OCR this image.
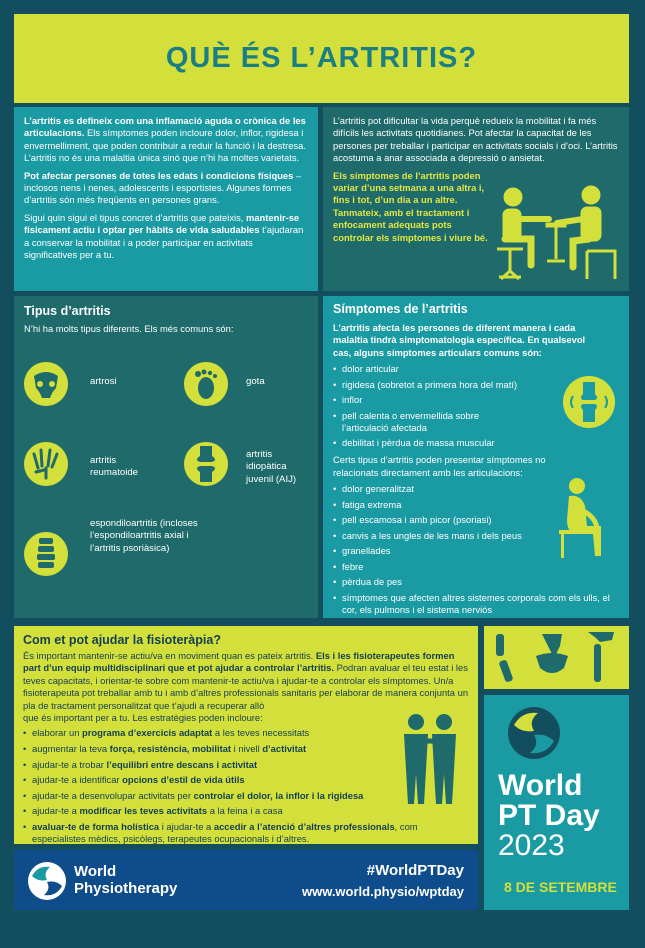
QUÈ ÉS L’ARTRITIS?

L’artritis es defineix com una inflamació aguda o crònica de les articulacions. Els símptomes poden incloure dolor, inflor, rigidesa i envermelliment, que poden contribuir a reduir la funció i la destresa. L’artritis no és una malaltia única sinó que n’hi ha moltes varietats.

Pot afectar persones de totes les edats i condicions físiques – inclosos nens i nenes, adolescents i esportistes. Algunes formes d’artritis són més freqüents en persones grans.

Sigui quin sigui el tipus concret d’artritis que pateixis, mantenir-se físicament actiu i optar per hàbits de vida saludables t’ajudaran a conservar la mobilitat i a poder participar en activitats significatives per a tu.

L’artritis pot dificultar la vida perquè redueix la mobilitat i fa més difícils les activitats quotidianes. Pot afectar la capacitat de les persones per treballar i participar en activitats socials i d’oci. L’artritis acostuma a anar associada a depressió o ansietat.

Els símptomes de l’artritis poden variar d’una setmana a una altra i, fins i tot, d’un dia a un altre. Tanmateix, amb el tractament i enfocament adequats pots controlar els símptomes i viure bé.

Tipus d’artritis
N’hi ha molts tipus diferents. Els més comuns són:
artrosi	gota
artritis reumatoide
artritis idiopàtica juvenil (AIJ)
espondiloartritis (incloses l’espondiloartritis axial i l’artritis psoriàsica)
Símptomes de l’artritis
L’artritis afecta les persones de diferent manera i cada malaltia tindrà simptomatologia específica. En qualsevol cas, alguns símptomes articulars comuns són:
• dolor articular
• rigidesa (sobretot a primera hora del matí)
• inflor
• pell calenta o envermellida sobre l’articulació afectada
• debilitat i pèrdua de massa muscular
Certs tipus d’artritis poden presentar símptomes no relacionats directament amb les articulacions:
• dolor generalitzat
• fatiga extrema
• pell escamosa i amb picor (psoriasi)
• canvis a les ungles de les mans i dels peus
• granellades
• febre
• pèrdua de pes
• símptomes que afecten altres sistemes corporals com els ulls, el cor, els pulmons i el sistema nerviós
Com et pot ajudar la fisioteràpia?
És important mantenir-se actiu/va en moviment quan es pateix artritis. Els i les fisioterapeutes formen part d’un equip multidisciplinari que et pot ajudar a controlar l’artritis. Podran avaluar el teu estat i les teves capacitats, i orientar-te sobre com mantenir-te actiu/va i ajudar-te a controlar els símptomes. Un/a fisioterapeuta pot treballar amb tu i amb d’altres professionals sanitaris per elaborar de manera conjunta un pla de tractament personalitzat que t’ajudi a recuperar allò
que és important per a tu. Les estratègies poden incloure:
• elaborar un programa d’exercicis adaptat a les teves necessitats
• augmentar la teva força, resistència, mobilitat i nivell d’activitat
• ajudar-te a trobar l’equilibri entre descans i activitat
• ajudar-te a identificar opcions d’estil de vida útils
• ajudar-te a desenvolupar activitats per controlar el dolor, la inflor i la rigidesa
• ajudar-te a modificar les teves activitats a la feina i a casa
• avaluar-te de forma holística i ajudar-te a accedir a l’atenció d’altres professionals, com especialistes mèdics, psicòlegs, terapeutes ocupacionals i d’altres.
World
PT Day
2023
8 DE SETEMBRE
World
Physiotherapy
#WorldPTDay
www.world.physio/wptday
